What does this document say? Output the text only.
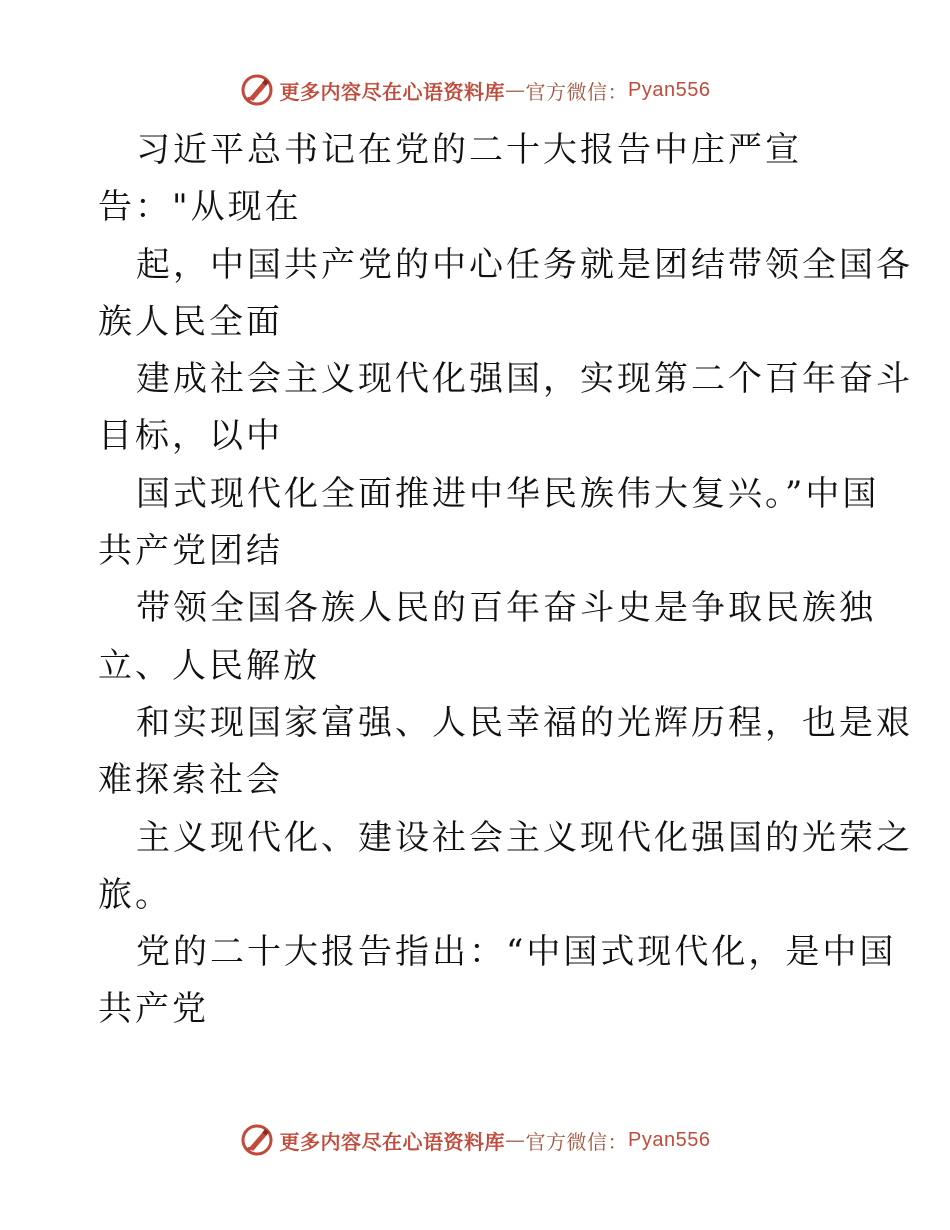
更多内容尽在心语资料库 — 官方微信： Pyan556
习近平总书记在党的二十大报告中庄严宣
告："从现在
起，中国共产党的中心任务就是团结带领全国各
族人民全面
建成社会主义现代化强国，实现第二个百年奋斗
目标，以中
国式现代化全面推进中华民族伟大复兴。”中国
共产党团结
带领全国各族人民的百年奋斗史是争取民族独
立、人民解放
和实现国家富强、人民幸福的光辉历程，也是艰
难探索社会
主义现代化、建设社会主义现代化强国的光荣之
旅。
党的二十大报告指出：“中国式现代化，是中国
共产党
更多内容尽在心语资料库 — 官方微信： Pyan556
